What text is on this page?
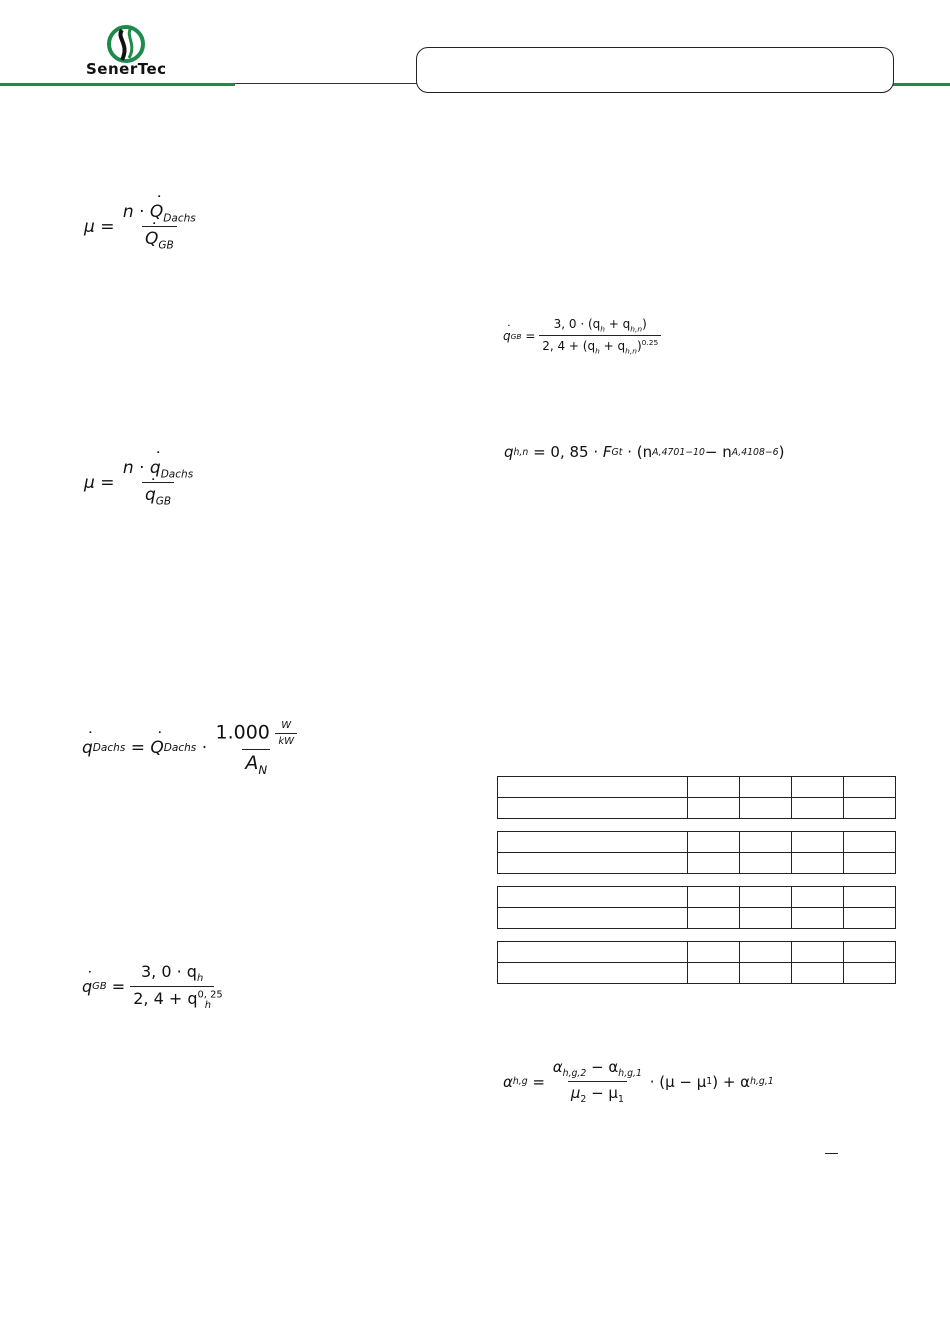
SenerTec
μ
=
n · ˙ $Q_{Dachs}$
˙ $Q_{GB}$
μ
=
n · ˙ $q_{Dachs}$
˙ $q_{GB}$
˙ q Dachs
=
˙ Q Dachs
·
$\frac{1.000 \frac{W}{kW}}{A_N}$
˙ q GB
=
$\frac{3, 0 \cdot q_h}{2, 4 + q^{0, 25}_h}$
˙ q GB
=
$\frac{3, 0 \cdot (q_h + q_{h,n})}{2, 4 + (q_h + q_{h,n})^{0.25}}$
q h,n
=
0, 85 ·
F Gt
·
(n A,4701−10 − n A,4108−6 )

α h,g
=
$\frac{\alpha_{h,g,2} - \alpha_{h,g,1}}{\mu_2 - \mu_1}$
· (μ − μ 1 ) + α h,g,1
